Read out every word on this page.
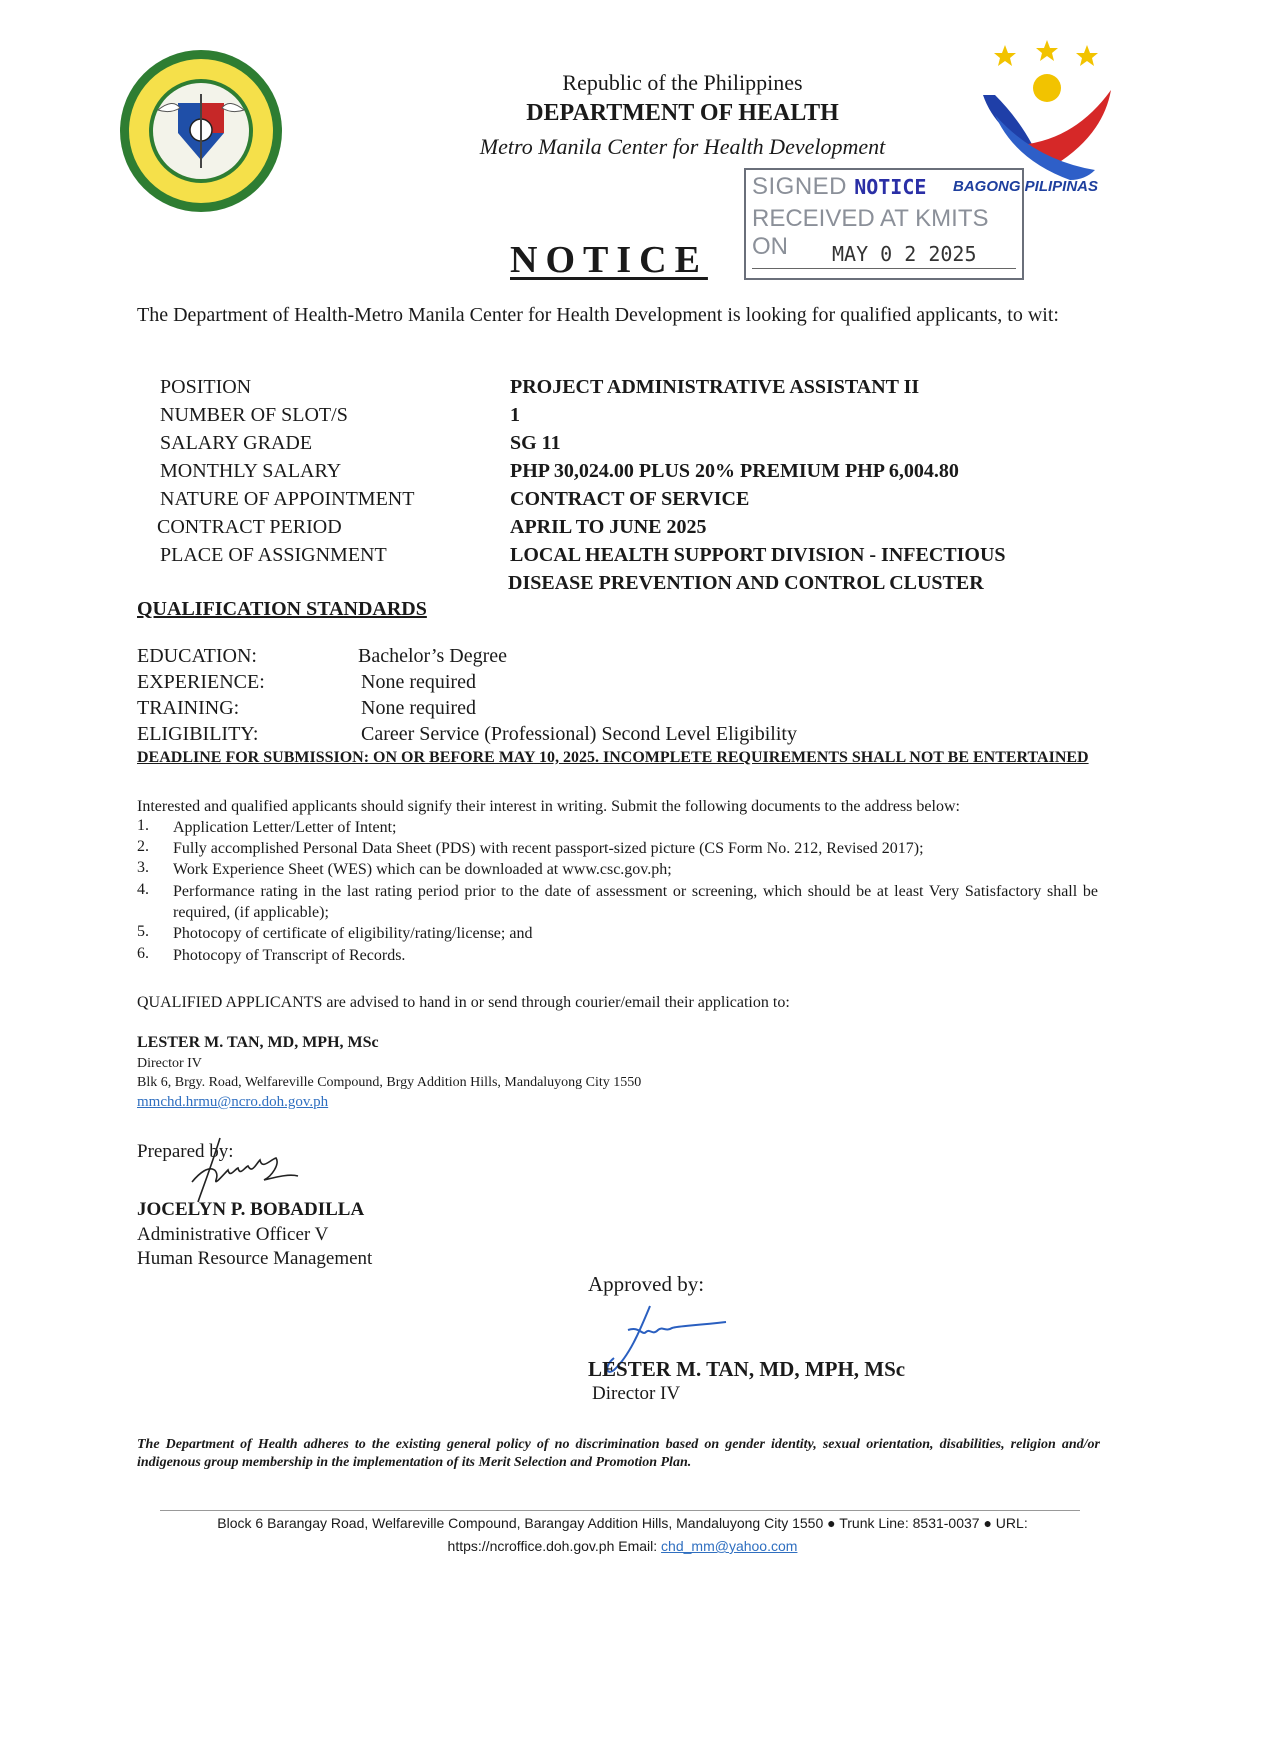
Republic of the Philippines
DEPARTMENT OF HEALTH
Metro Manila Center for Health Development
BAGONG PILIPINAS
SIGNED NOTICE
RECEIVED AT KMITS ON	MAY 0 2 2025
NOTICE
The Department of Health-Metro Manila Center for Health Development is looking for qualified applicants, to wit:
POSITION	PROJECT ADMINISTRATIVE ASSISTANT II
NUMBER OF SLOT/S	1
SALARY GRADE	SG 11
MONTHLY SALARY	PHP 30,024.00 PLUS 20% PREMIUM PHP 6,004.80
NATURE OF APPOINTMENT	CONTRACT OF SERVICE
CONTRACT PERIOD	APRIL TO JUNE 2025
PLACE OF ASSIGNMENT	LOCAL HEALTH SUPPORT DIVISION - INFECTIOUS
DISEASE PREVENTION AND CONTROL CLUSTER
QUALIFICATION STANDARDS
EDUCATION:	Bachelor’s Degree
EXPERIENCE:	None required
TRAINING:	None required
ELIGIBILITY:	Career Service (Professional) Second Level Eligibility
DEADLINE FOR SUBMISSION: ON OR BEFORE MAY 10, 2025. INCOMPLETE REQUIREMENTS SHALL NOT BE ENTERTAINED
Interested and qualified applicants should signify their interest in writing. Submit the following documents to the address below:
1. Application Letter/Letter of Intent;
2. Fully accomplished Personal Data Sheet (PDS) with recent passport-sized picture (CS Form No. 212, Revised 2017);
3. Work Experience Sheet (WES) which can be downloaded at www.csc.gov.ph;
4. Performance rating in the last rating period prior to the date of assessment or screening, which should be at least Very Satisfactory shall be required, (if applicable);
5. Photocopy of certificate of eligibility/rating/license; and
6. Photocopy of Transcript of Records.
QUALIFIED APPLICANTS are advised to hand in or send through courier/email their application to:
LESTER M. TAN, MD, MPH, MSc
Director IV
Blk 6, Brgy. Road, Welfareville Compound, Brgy Addition Hills, Mandaluyong City 1550
mmchd.hrmu@ncro.doh.gov.ph
Prepared by:
JOCELYN P. BOBADILLA
Administrative Officer V
Human Resource Management
Approved by:
LESTER M. TAN, MD, MPH, MSc
Director IV
The Department of Health adheres to the existing general policy of no discrimination based on gender identity, sexual orientation, disabilities, religion and/or indigenous group membership in the implementation of its Merit Selection and Promotion Plan.
Block 6 Barangay Road, Welfareville Compound, Barangay Addition Hills, Mandaluyong City 1550 ● Trunk Line: 8531-0037 ● URL:
https://ncroffice.doh.gov.ph Email: chd_mm@yahoo.com
